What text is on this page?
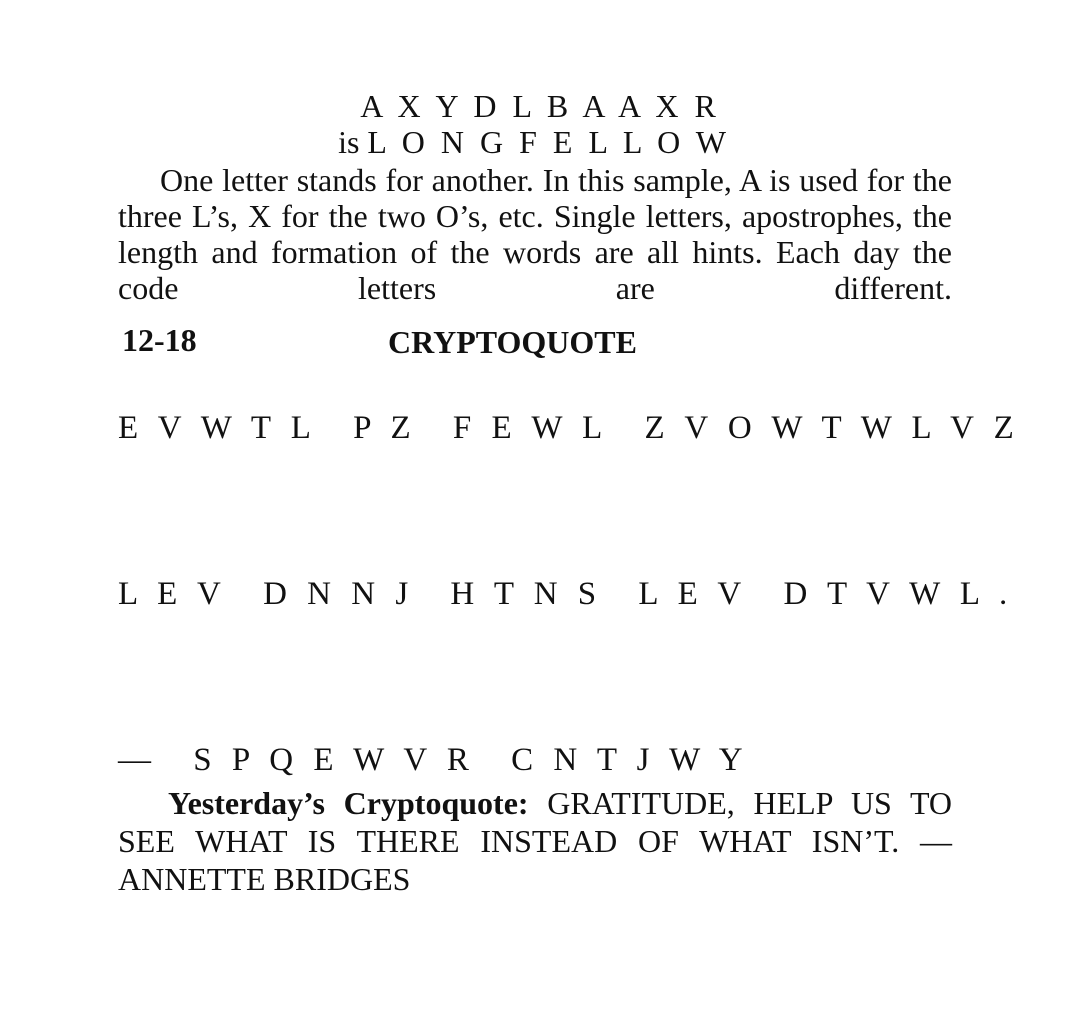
A X Y D L B A A X R
is L O N G F E L L O W

One letter stands for another. In this sample, A is used for the three L’s, X for the two O’s, etc. Single letters, apostrophes, the length and formation of the words are all hints. Each day the code letters are different.

12-18	CRYPTOQUOTE
E V W T L P Z F E W L Z V O W T W L V Z
L E V D N N J H T N S L E V D T V W L .
— S P Q E W V R C N T J W Y
Yesterday’s Cryptoquote: GRATITUDE, HELP US TO SEE WHAT IS THERE INSTEAD OF WHAT ISN’T. — ANNETTE BRIDGES
